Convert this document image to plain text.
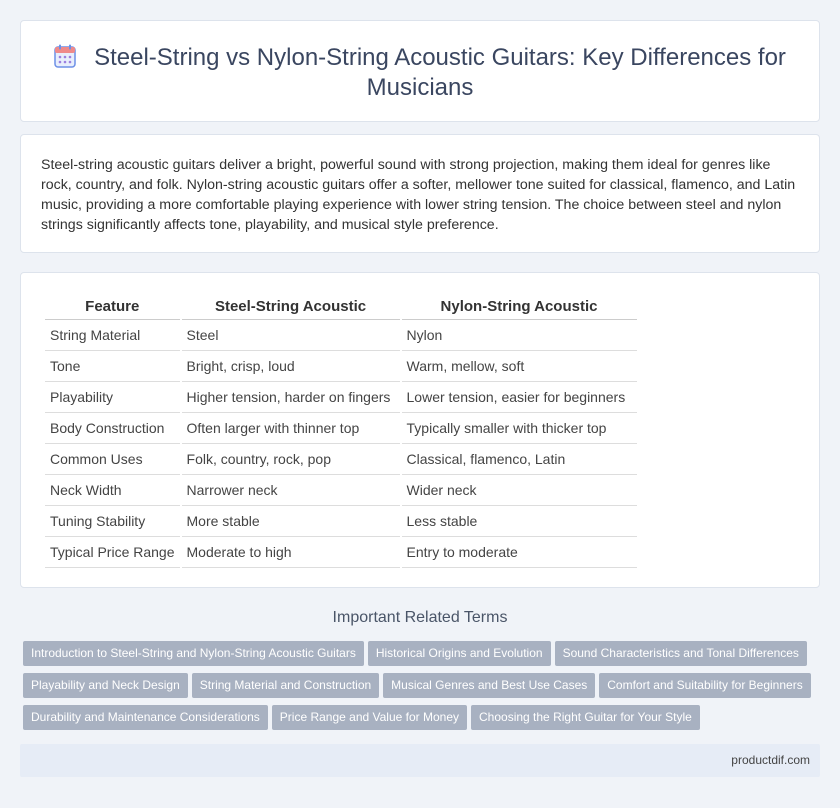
Steel-String vs Nylon-String Acoustic Guitars: Key Differences for Musicians

Steel-string acoustic guitars deliver a bright, powerful sound with strong projection, making them ideal for genres like rock, country, and folk. Nylon-string acoustic guitars offer a softer, mellower tone suited for classical, flamenco, and Latin music, providing a more comfortable playing experience with lower string tension. The choice between steel and nylon strings significantly affects tone, playability, and musical style preference.

Feature	Steel-String Acoustic	Nylon-String Acoustic
String Material	Steel	Nylon
Tone	Bright, crisp, loud	Warm, mellow, soft
Playability	Higher tension, harder on fingers	Lower tension, easier for beginners
Body Construction	Often larger with thinner top	Typically smaller with thicker top
Common Uses	Folk, country, rock, pop	Classical, flamenco, Latin
Neck Width	Narrower neck	Wider neck
Tuning Stability	More stable	Less stable
Typical Price Range	Moderate to high	Entry to moderate
Important Related Terms
Introduction to Steel-String and Nylon-String Acoustic Guitars Historical Origins and Evolution Sound Characteristics and Tonal Differences
Playability and Neck Design String Material and Construction Musical Genres and Best Use Cases Comfort and Suitability for Beginners
Durability and Maintenance Considerations Price Range and Value for Money Choosing the Right Guitar for Your Style
productdif.com
